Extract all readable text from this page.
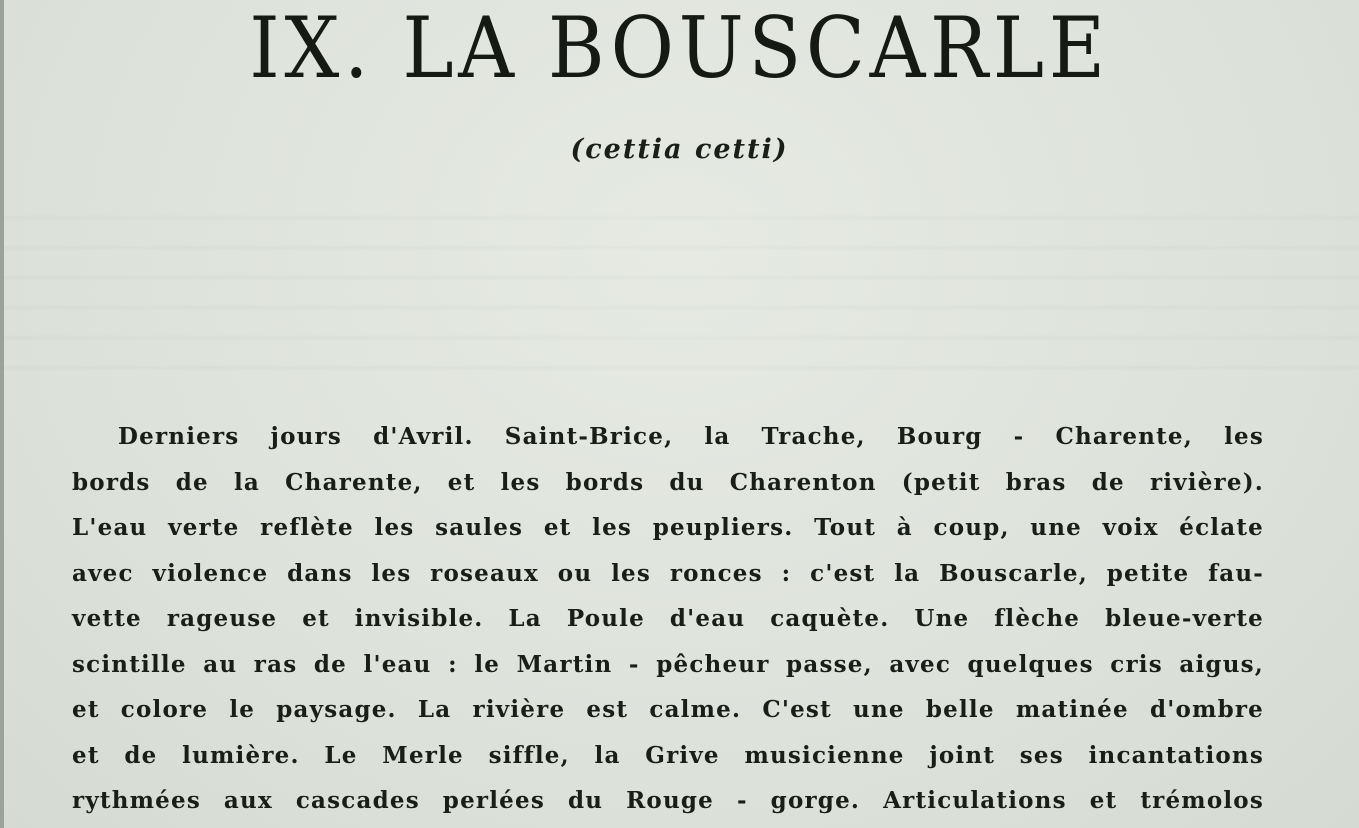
IX. LA BOUSCARLE

(cettia cetti)

Derniers jours d'Avril. Saint-Brice, la Trache, Bourg - Charente, les
bords de la Charente, et les bords du Charenton (petit bras de rivière).
L'eau verte reflète les saules et les peupliers. Tout à coup, une voix éclate
avec violence dans les roseaux ou les ronces : c'est la Bouscarle, petite fau-
vette rageuse et invisible. La Poule d'eau caquète. Une flèche bleue-verte
scintille au ras de l'eau : le Martin - pêcheur passe, avec quelques cris aigus,
et colore le paysage. La rivière est calme. C'est une belle matinée d'ombre
et de lumière. Le Merle siffle, la Grive musicienne joint ses incantations
rythmées aux cascades perlées du Rouge - gorge. Articulations et trémolos
